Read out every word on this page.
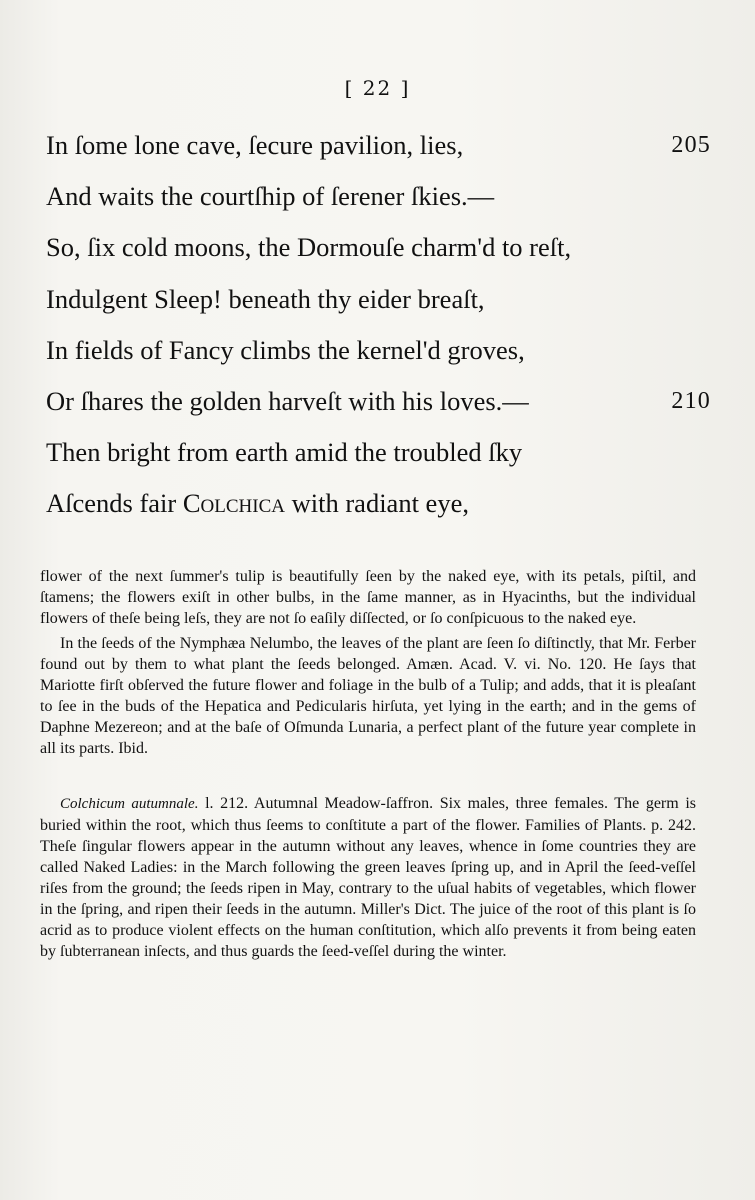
[ 22 ]
In ſome lone cave, ſecure pavilion, lies,	205
And waits the courtſhip of ſerener ſkies.—
So, ſix cold moons, the Dormouſe charm'd to reſt,
Indulgent Sleep! beneath thy eider breaſt,
In fields of Fancy climbs the kernel'd groves,
Or ſhares the golden harveſt with his loves.—	210
Then bright from earth amid the troubled ſky
Aſcends fair Colchica with radiant eye,

flower of the next ſummer's tulip is beautifully ſeen by the naked eye, with its petals, piſtil, and ſtamens; the flowers exiſt in other bulbs, in the ſame manner, as in Hyacinths, but the individual flowers of theſe being leſs, they are not ſo eaſily diſſected, or ſo conſpicuous to the naked eye.

In the ſeeds of the Nymphæa Nelumbo, the leaves of the plant are ſeen ſo diſtinctly, that Mr. Ferber found out by them to what plant the ſeeds belonged. Amæn. Acad. V. vi. No. 120. He ſays that Mariotte firſt obſerved the future flower and foliage in the bulb of a Tulip; and adds, that it is pleaſant to ſee in the buds of the Hepatica and Pedicularis hirſuta, yet lying in the earth; and in the gems of Daphne Mezereon; and at the baſe of Oſmunda Lunaria, a perfect plant of the future year complete in all its parts. Ibid.

Colchicum autumnale. l. 212. Autumnal Meadow-ſaffron. Six males, three females. The germ is buried within the root, which thus ſeems to conſtitute a part of the flower. Families of Plants. p. 242. Theſe ſingular flowers appear in the autumn without any leaves, whence in ſome countries they are called Naked Ladies: in the March following the green leaves ſpring up, and in April the ſeed-veſſel riſes from the ground; the ſeeds ripen in May, contrary to the uſual habits of vegetables, which flower in the ſpring, and ripen their ſeeds in the autumn. Miller's Dict. The juice of the root of this plant is ſo acrid as to produce violent effects on the human conſtitution, which alſo prevents it from being eaten by ſubterranean inſects, and thus guards the ſeed-veſſel during the winter.
